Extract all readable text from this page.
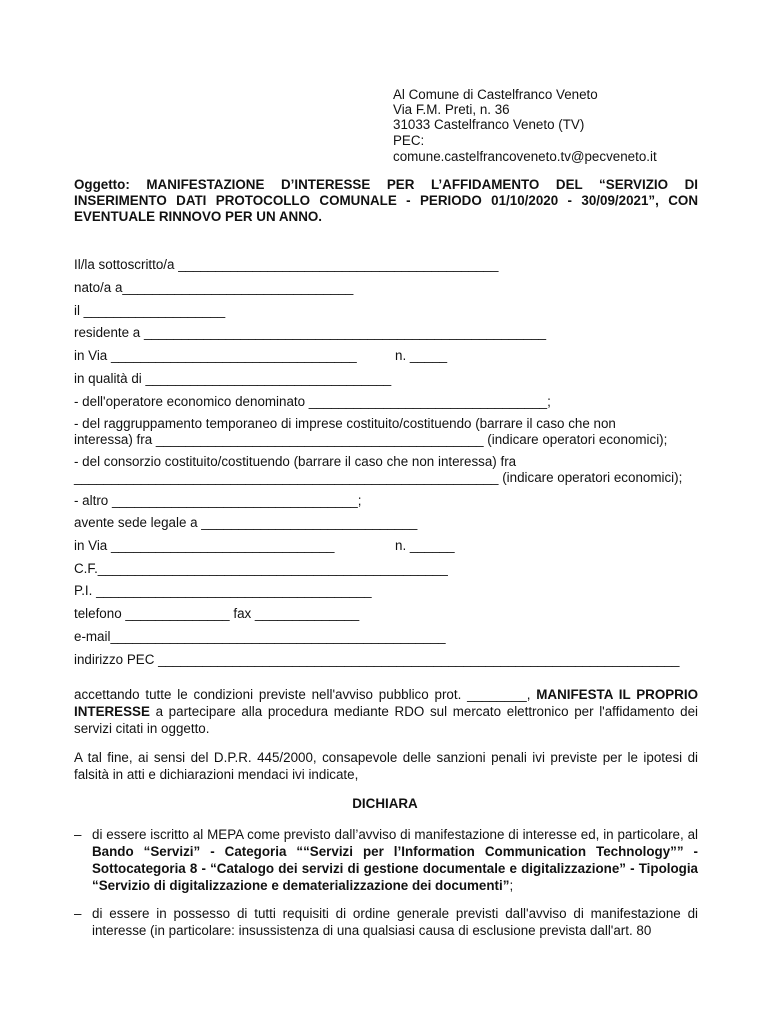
Al Comune di Castelfranco Veneto
Via F.M. Preti, n. 36
31033 Castelfranco Veneto (TV)
PEC:
comune.castelfrancoveneto.tv@pecveneto.it
Oggetto: MANIFESTAZIONE D’INTERESSE PER L’AFFIDAMENTO DEL “SERVIZIO DI
INSERIMENTO DATI PROTOCOLLO COMUNALE - PERIODO 01/10/2020 - 30/09/2021”, CON
EVENTUALE RINNOVO PER UN ANNO.
Il/la sottoscritto/a ___________________________________________
nato/a a_______________________________
il ___________________
residente a ______________________________________________________
in Via _________________________________	n. _____
in qualità di _________________________________
- dell'operatore economico denominato ________________________________;
- del raggruppamento temporaneo di imprese costituito/costituendo (barrare il caso che non
interessa) fra ____________________________________________ (indicare operatori economici);
- del consorzio costituito/costituendo (barrare il caso che non interessa) fra
_________________________________________________________ (indicare operatori economici);
- altro _________________________________;
avente sede legale a _____________________________
in Via ______________________________	n. ______
C.F._______________________________________________
P.I. _____________________________________
telefono ______________ fax ______________
e-mail_____________________________________________
indirizzo PEC ______________________________________________________________________
accettando tutte le condizioni previste nell'avviso pubblico prot. ________, MANIFESTA IL PROPRIO INTERESSE a partecipare alla procedura mediante RDO sul mercato elettronico per l'affidamento dei servizi citati in oggetto.
A tal fine, ai sensi del D.P.R. 445/2000, consapevole delle sanzioni penali ivi previste per le ipotesi di falsità in atti e dichiarazioni mendaci ivi indicate,
DICHIARA
– di essere iscritto al MEPA come previsto dall’avviso di manifestazione di interesse ed, in particolare, al Bando “Servizi” - Categoria ““Servizi per l’Information Communication Technology”” - Sottocategoria 8 - “Catalogo dei servizi di gestione documentale e digitalizzazione” - Tipologia “Servizio di digitalizzazione e dematerializzazione dei documenti”;
– di essere in possesso di tutti requisiti di ordine generale previsti dall'avviso di manifestazione di interesse (in particolare: insussistenza di una qualsiasi causa di esclusione prevista dall'art. 80
